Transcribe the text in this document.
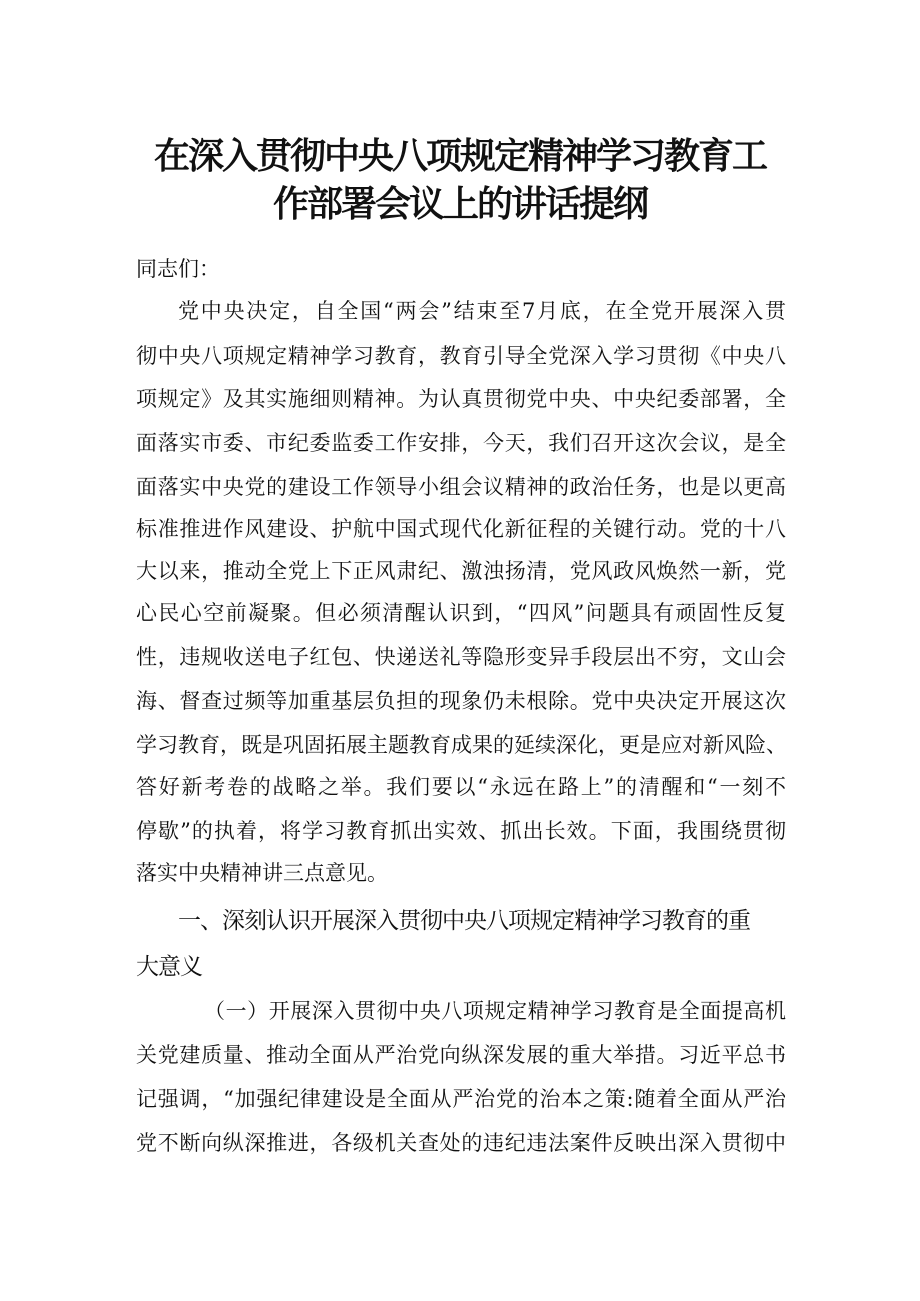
在深入贯彻中央八项规定精神学习教育工
作部署会议上的讲话提纲
同志们：
党中央决定，自全国“两会”结束至7月底，在全党开展深入贯
彻中央八项规定精神学习教育，教育引导全党深入学习贯彻《中央八
项规定》及其实施细则精神。为认真贯彻党中央、中央纪委部署，全
面落实市委、市纪委监委工作安排，今天，我们召开这次会议，是全
面落实中央党的建设工作领导小组会议精神的政治任务，也是以更高
标准推进作风建设、护航中国式现代化新征程的关键行动。党的十八
大以来，推动全党上下正风肃纪、激浊扬清，党风政风焕然一新，党
心民心空前凝聚。但必须清醒认识到，“四风”问题具有顽固性反复
性，违规收送电子红包、快递送礼等隐形变异手段层出不穷，文山会
海、督查过频等加重基层负担的现象仍未根除。党中央决定开展这次
学习教育，既是巩固拓展主题教育成果的延续深化，更是应对新风险、
答好新考卷的战略之举。我们要以“永远在路上”的清醒和“一刻不
停歇”的执着，将学习教育抓出实效、抓出长效。下面，我围绕贯彻
落实中央精神讲三点意见。
一、深刻认识开展深入贯彻中央八项规定精神学习教育的重
大意义
（一）开展深入贯彻中央八项规定精神学习教育是全面提高机
关党建质量、推动全面从严治党向纵深发展的重大举措。习近平总书
记强调，“加强纪律建设是全面从严治党的治本之策:随着全面从严治
党不断向纵深推进，各级机关查处的违纪违法案件反映出深入贯彻中
